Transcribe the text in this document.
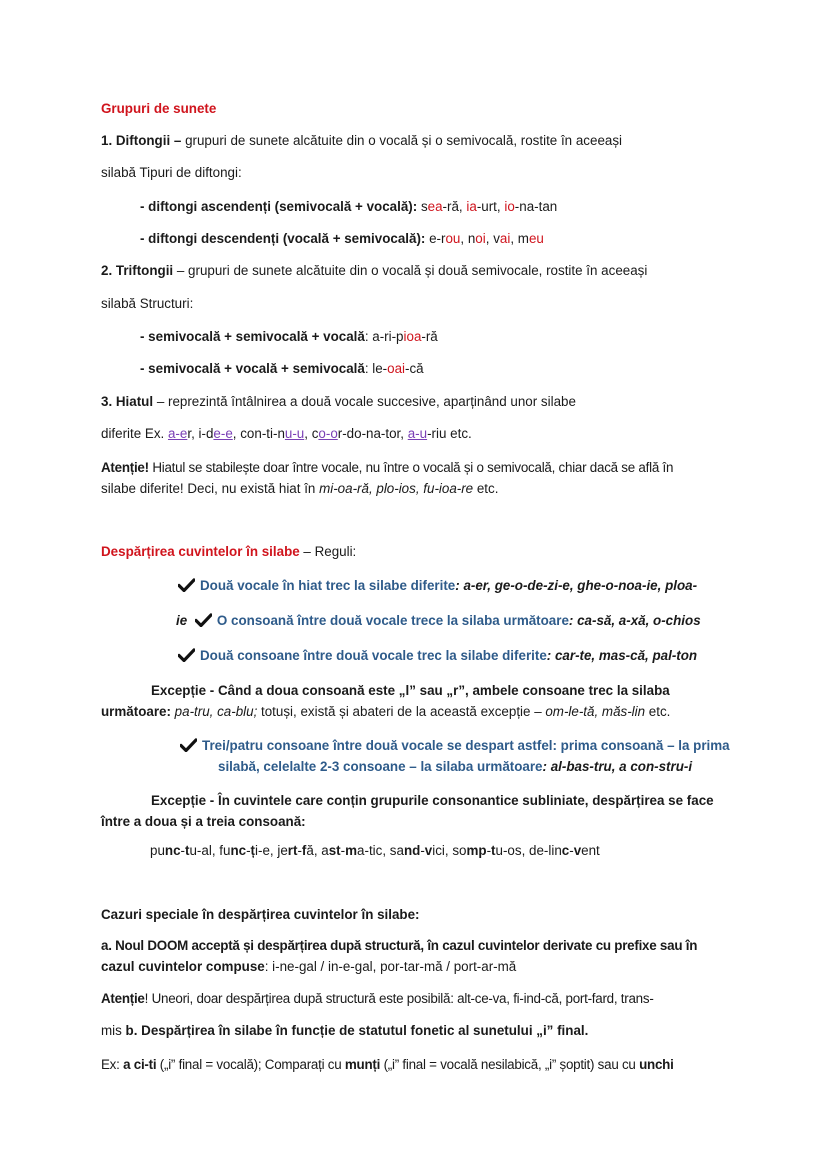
Grupuri de sunete
1. Diftongii – grupuri de sunete alcătuite din o vocală și o semivocală, rostite în aceeași
silabă Tipuri de diftongi:
- diftongi ascendenți (semivocală + vocală): sea-ră, ia-urt, io-na-tan
- diftongi descendenți (vocală + semivocală): e-rou, noi, vai, meu
2. Triftongii – grupuri de sunete alcătuite din o vocală și două semivocale, rostite în aceeași
silabă Structuri:
- semivocală + semivocală + vocală: a-ri-pioa-ră
- semivocală + vocală + semivocală: le-oai-că
3. Hiatul – reprezintă întâlnirea a două vocale succesive, aparținând unor silabe
diferite Ex. a-er, i-de-e, con-ti-nu-u, co-or-do-na-tor, a-u-riu etc.
Atenție! Hiatul se stabilește doar între vocale, nu între o vocală și o semivocală, chiar dacă se află în
silabe diferite! Deci, nu există hiat în mi-oa-ră, plo-ios, fu-ioa-re etc.
Despărțirea cuvintelor în silabe – Reguli:
Două vocale în hiat trec la silabe diferite: a-er, ge-o-de-zi-e, ghe-o-noa-ie, ploa-
ie O consoană între două vocale trece la silaba următoare: ca-să, a-xă, o-chios
Două consoane între două vocale trec la silabe diferite: car-te, mas-că, pal-ton
Excepție - Când a doua consoană este „l” sau „r”, ambele consoane trec la silaba
următoare: pa-tru, ca-blu; totuși, există și abateri de la această excepție – om-le-tă, măs-lin etc.
Trei/patru consoane între două vocale se despart astfel: prima consoană – la prima
silabă, celelalte 2-3 consoane – la silaba următoare: al-bas-tru, a con-stru-i
Excepție - În cuvintele care conțin grupurile consonantice subliniate, despărțirea se face
între a doua și a treia consoană:
punc-tu-al, func-ți-e, jert-fă, ast-ma-tic, sand-vici, somp-tu-os, de-linc-vent
Cazuri speciale în despărțirea cuvintelor în silabe:
a. Noul DOOM acceptă și despărțirea după structură, în cazul cuvintelor derivate cu prefixe sau în
cazul cuvintelor compuse: i-ne-gal / in-e-gal, por-tar-mă / port-ar-mă
Atenție! Uneori, doar despărțirea după structură este posibilă: alt-ce-va, fi-ind-că, port-fard, trans-
mis b. Despărțirea în silabe în funcție de statutul fonetic al sunetului „i” final.
Ex: a ci-ti („i” final = vocală); Comparați cu munți („i” final = vocală nesilabică, „i” șoptit) sau cu unchi
